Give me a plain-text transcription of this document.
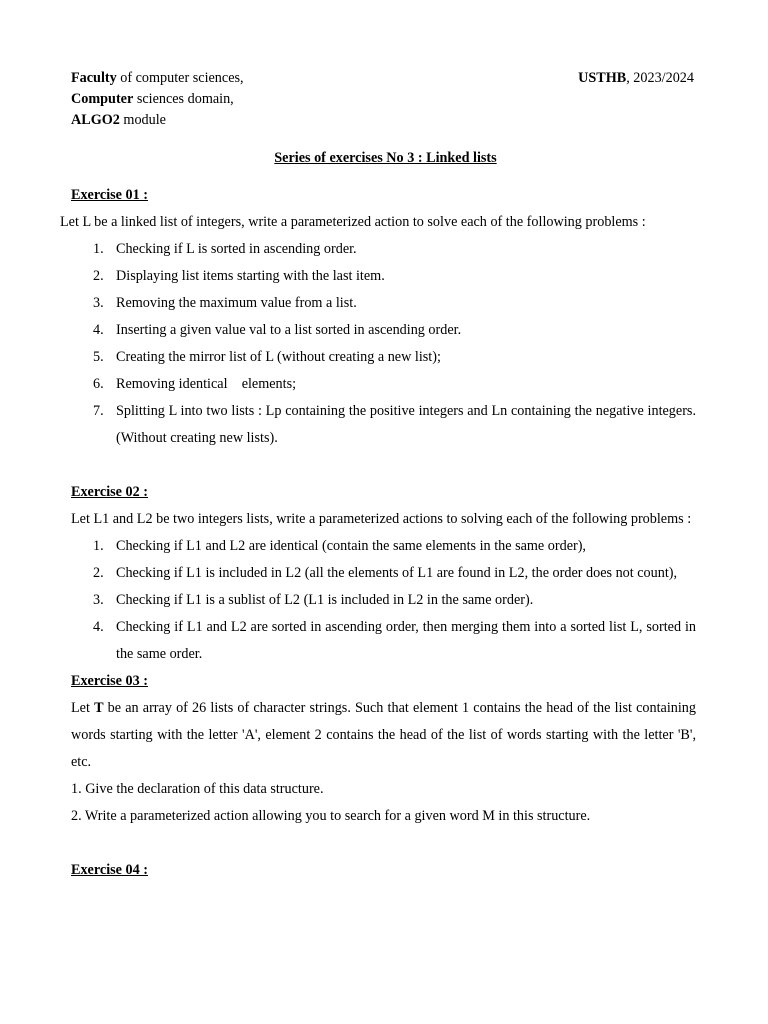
Faculty of computer sciences,
Computer sciences domain,
ALGO2 module
USTHB, 2023/2024
Series of exercises No 3 : Linked lists
Exercise 01 :
Let L be a linked list of integers, write a parameterized action to solve each of the following problems :
1. Checking if L is sorted in ascending order.
2. Displaying list items starting with the last item.
3. Removing the maximum value from a list.
4. Inserting a given value val to a list sorted in ascending order.
5. Creating the mirror list of L (without creating a new list);
6. Removing identical    elements;
7. Splitting L into two lists : Lp containing the positive integers and Ln containing the negative integers. (Without creating new lists).
Exercise 02 :
Let L1 and L2 be two integers lists, write a parameterized actions to solving each of the following problems :
1. Checking if L1 and L2 are identical (contain the same elements in the same order),
2. Checking if L1 is included in L2 (all the elements of L1 are found in L2, the order does not count),
3. Checking if L1 is a sublist of L2 (L1 is included in L2 in the same order).
4. Checking if L1 and L2 are sorted in ascending order, then merging them into a sorted list L, sorted in the same order.
Exercise 03 :
Let T be an array of 26 lists of character strings. Such that element 1 contains the head of the list containing words starting with the letter 'A', element 2 contains the head of the list of words starting with the letter 'B', etc.
1. Give the declaration of this data structure.
2. Write a parameterized action allowing you to search for a given word M in this structure.
Exercise 04 :
